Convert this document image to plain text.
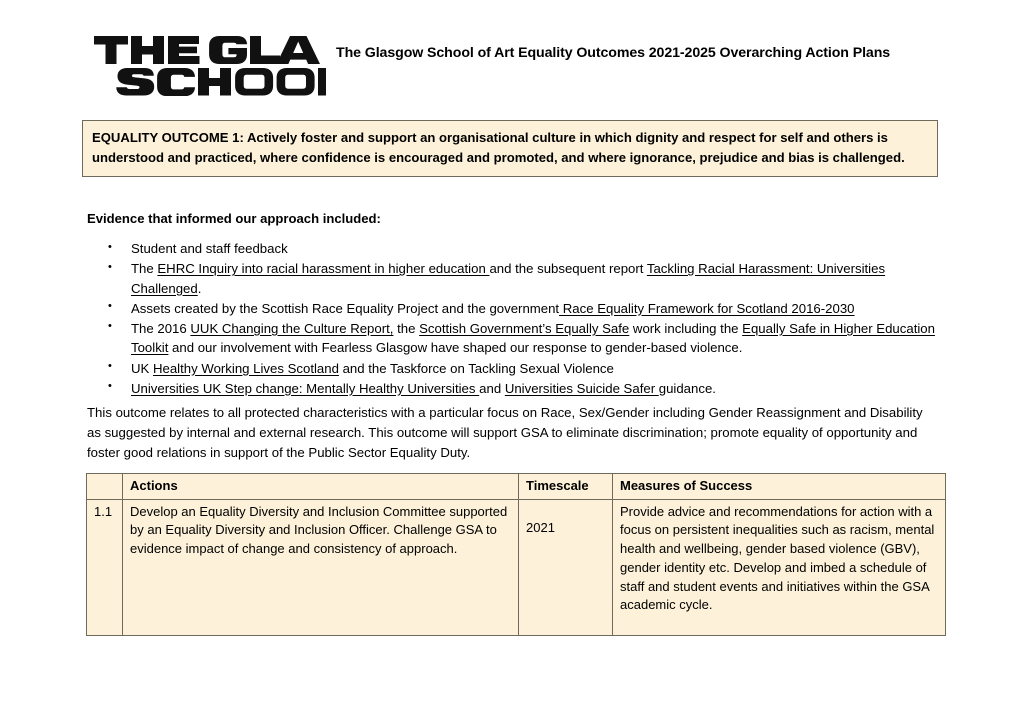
The Glasgow School of Art Equality Outcomes 2021-2025 Overarching Action Plans

EQUALITY OUTCOME 1: Actively foster and support an organisational culture in which dignity and respect for self and others is understood and practiced, where confidence is encouraged and promoted, and where ignorance, prejudice and bias is challenged.

Evidence that informed our approach included:
• Student and staff feedback
• The EHRC Inquiry into racial harassment in higher education and the subsequent report Tackling Racial Harassment: Universities Challenged.
• Assets created by the Scottish Race Equality Project and the government Race Equality Framework for Scotland 2016-2030
• The 2016 UUK Changing the Culture Report, the Scottish Government’s Equally Safe work including the Equally Safe in Higher Education Toolkit and our involvement with Fearless Glasgow have shaped our response to gender-based violence.
• UK Healthy Working Lives Scotland and the Taskforce on Tackling Sexual Violence
• Universities UK Step change: Mentally Healthy Universities and Universities Suicide Safer guidance.

This outcome relates to all protected characteristics with a particular focus on Race, Sex/Gender including Gender Reassignment and Disability as suggested by internal and external research. This outcome will support GSA to eliminate discrimination; promote equality of opportunity and foster good relations in support of the Public Sector Equality Duty.

	Actions	Timescale	Measures of Success
1.1	Develop an Equality Diversity and Inclusion Committee supported by an Equality Diversity and Inclusion Officer. Challenge GSA to evidence impact of change and consistency of approach.	2021	Provide advice and recommendations for action with a focus on persistent inequalities such as racism, mental health and wellbeing, gender based violence (GBV), gender identity etc. Develop and imbed a schedule of staff and student events and initiatives within the GSA academic cycle.
